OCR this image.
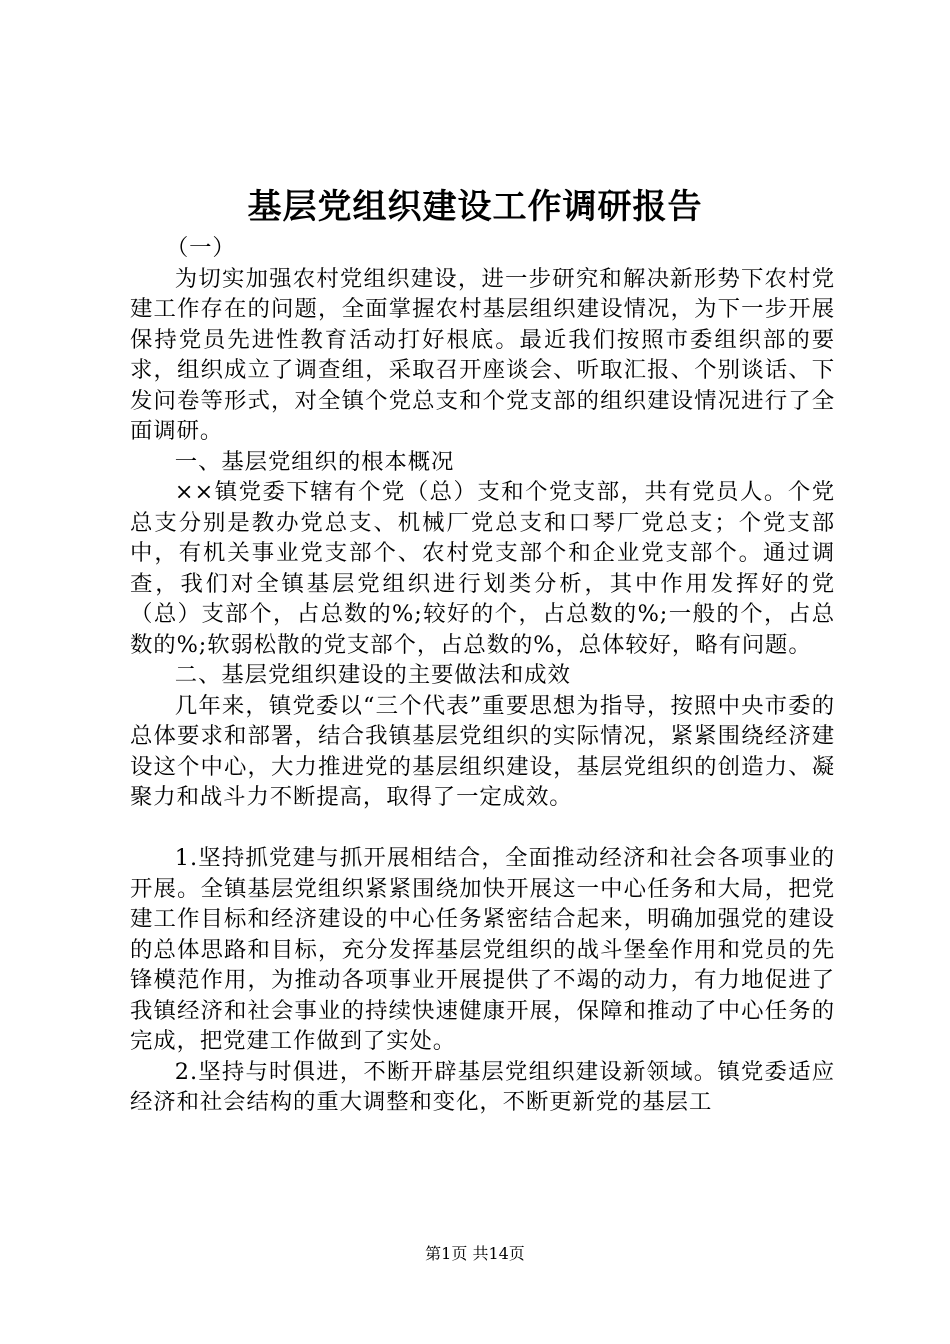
基层党组织建设工作调研报告

（一）

为切实加强农村党组织建设，进一步研究和解决新形势下农村党建工作存在的问题，全面掌握农村基层组织建设情况，为下一步开展保持党员先进性教育活动打好根底。最近我们按照市委组织部的要求，组织成立了调查组，采取召开座谈会、听取汇报、个别谈话、下发问卷等形式，对全镇个党总支和个党支部的组织建设情况进行了全面调研。

一、基层党组织的根本概况

××镇党委下辖有个党（总）支和个党支部，共有党员人。个党总支分别是教办党总支、机械厂党总支和口琴厂党总支；个党支部中，有机关事业党支部个、农村党支部个和企业党支部个。通过调查，我们对全镇基层党组织进行划类分析，其中作用发挥好的党（总）支部个，占总数的%;较好的个，占总数的%;一般的个，占总数的%;软弱松散的党支部个，占总数的%，总体较好，略有问题。

二、基层党组织建设的主要做法和成效

几年来，镇党委以“三个代表”重要思想为指导，按照中央市委的总体要求和部署，结合我镇基层党组织的实际情况，紧紧围绕经济建设这个中心，大力推进党的基层组织建设，基层党组织的创造力、凝聚力和战斗力不断提高，取得了一定成效。

1.坚持抓党建与抓开展相结合，全面推动经济和社会各项事业的开展。全镇基层党组织紧紧围绕加快开展这一中心任务和大局，把党建工作目标和经济建设的中心任务紧密结合起来，明确加强党的建设的总体思路和目标，充分发挥基层党组织的战斗堡垒作用和党员的先锋模范作用，为推动各项事业开展提供了不竭的动力，有力地促进了我镇经济和社会事业的持续快速健康开展，保障和推动了中心任务的完成，把党建工作做到了实处。

2.坚持与时俱进，不断开辟基层党组织建设新领域。镇党委适应经济和社会结构的重大调整和变化，不断更新党的基层工

第1页 共14页
